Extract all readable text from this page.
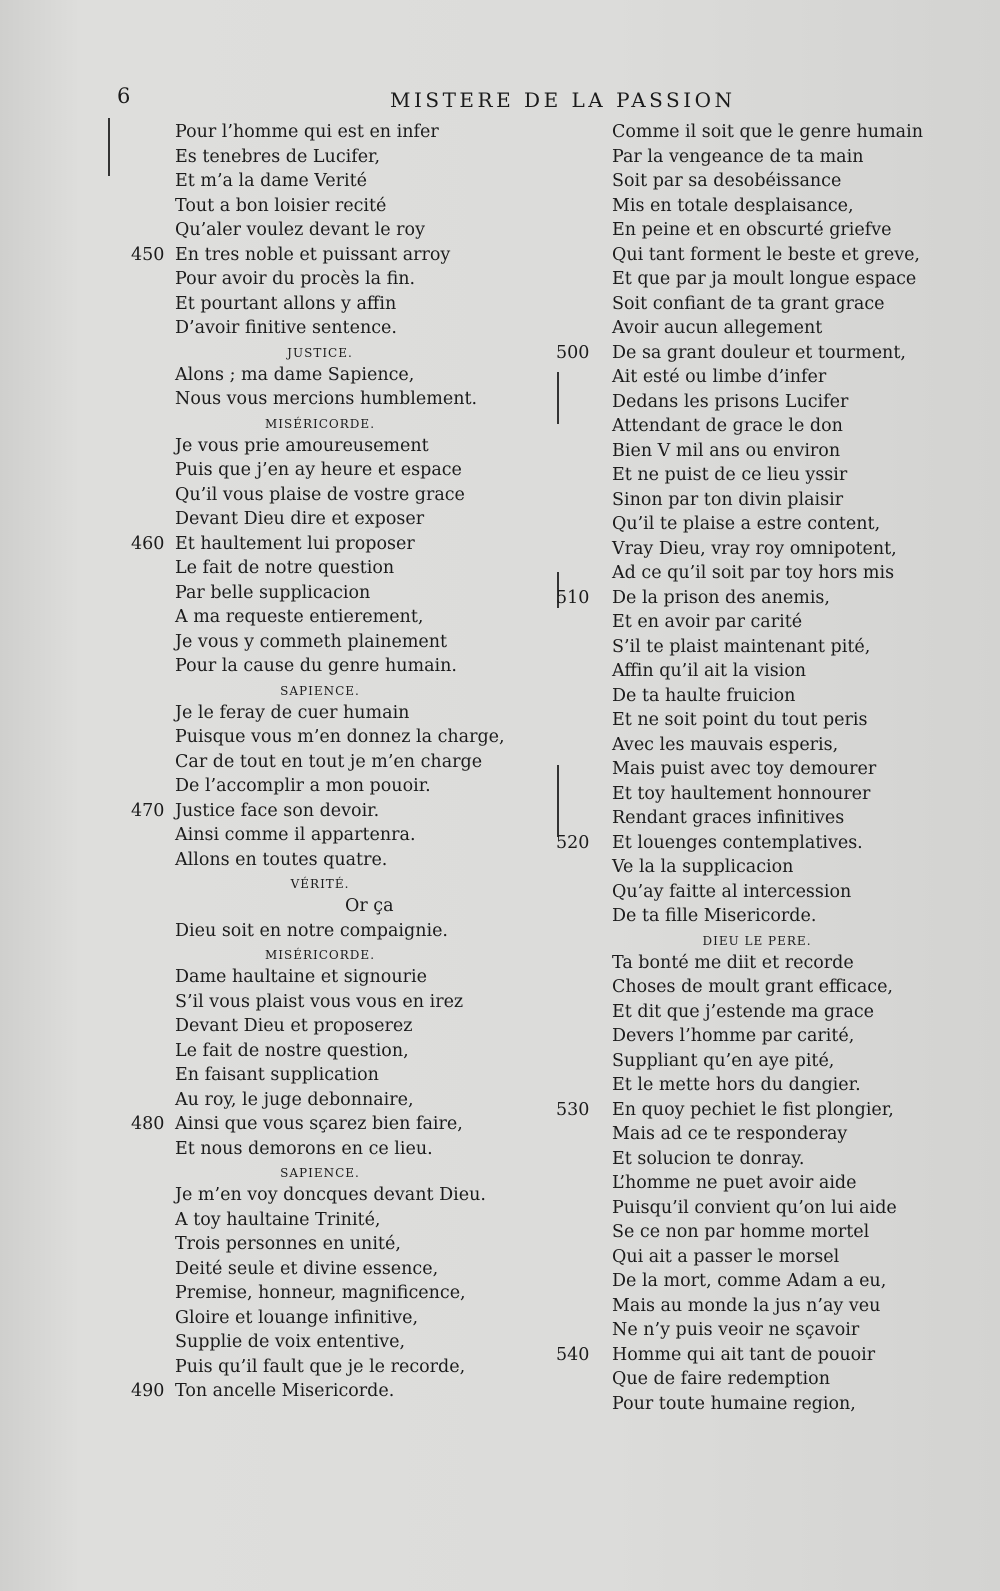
6	MISTERE DE LA PASSION
Pour l’homme qui est en infer
Es tenebres de Lucifer,
Et m’a la dame Verité
Tout a bon loisier recité
Qu’aler voulez devant le roy
450 En tres noble et puissant arroy
Pour avoir du procès la fin.
Et pourtant allons y affin
D’avoir finitive sentence.
JUSTICE.
Alons ; ma dame Sapience,
Nous vous mercions humblement.
MISÉRICORDE.
Je vous prie amoureusement
Puis que j’en ay heure et espace
Qu’il vous plaise de vostre grace
Devant Dieu dire et exposer
460 Et haultement lui proposer
Le fait de notre question
Par belle supplicacion
A ma requeste entierement,
Je vous y commeth plainement
Pour la cause du genre humain.
SAPIENCE.
Je le feray de cuer humain
Puisque vous m’en donnez la charge,
Car de tout en tout je m’en charge
De l’accomplir a mon pouoir.
470 Justice face son devoir.
Ainsi comme il appartenra.
Allons en toutes quatre.
VÉRITÉ.
Or ça
Dieu soit en notre compaignie.
MISÉRICORDE.
Dame haultaine et signourie
S’il vous plaist vous vous en irez
Devant Dieu et proposerez
Le fait de nostre question,
En faisant supplication
Au roy, le juge debonnaire,
480 Ainsi que vous sçarez bien faire,
Et nous demorons en ce lieu.
SAPIENCE.
Je m’en voy doncques devant Dieu.
A toy haultaine Trinité,
Trois personnes en unité,
Deité seule et divine essence,
Premise, honneur, magnificence,
Gloire et louange infinitive,
Supplie de voix ententive,
Puis qu’il fault que je le recorde,
490 Ton ancelle Misericorde.
Comme il soit que le genre humain
Par la vengeance de ta main
Soit par sa desobéissance
Mis en totale desplaisance,
En peine et en obscurté griefve
Qui tant forment le beste et greve,
Et que par ja moult longue espace
Soit confiant de ta grant grace
Avoir aucun allegement
500 De sa grant douleur et tourment,
Ait esté ou limbe d’infer
Dedans les prisons Lucifer
Attendant de grace le don
Bien V mil ans ou environ
Et ne puist de ce lieu yssir
Sinon par ton divin plaisir
Qu’il te plaise a estre content,
Vray Dieu, vray roy omnipotent,
Ad ce qu’il soit par toy hors mis
510 De la prison des anemis,
Et en avoir par carité
S’il te plaist maintenant pité,
Affin qu’il ait la vision
De ta haulte fruicion
Et ne soit point du tout peris
Avec les mauvais esperis,
Mais puist avec toy demourer
Et toy haultement honnourer
Rendant graces infinitives
520 Et louenges contemplatives.
Ve la la supplicacion
Qu’ay faitte al intercession
De ta fille Misericorde.
DIEU LE PERE.
Ta bonté me diit et recorde
Choses de moult grant efficace,
Et dit que j’estende ma grace
Devers l’homme par carité,
Suppliant qu’en aye pité,
Et le mette hors du dangier.
530 En quoy pechiet le fist plongier,
Mais ad ce te responderay
Et solucion te donray.
L’homme ne puet avoir aide
Puisqu’il convient qu’on lui aide
Se ce non par homme mortel
Qui ait a passer le morsel
De la mort, comme Adam a eu,
Mais au monde la jus n’ay veu
Ne n’y puis veoir ne sçavoir
540 Homme qui ait tant de pouoir
Que de faire redemption
Pour toute humaine region,
